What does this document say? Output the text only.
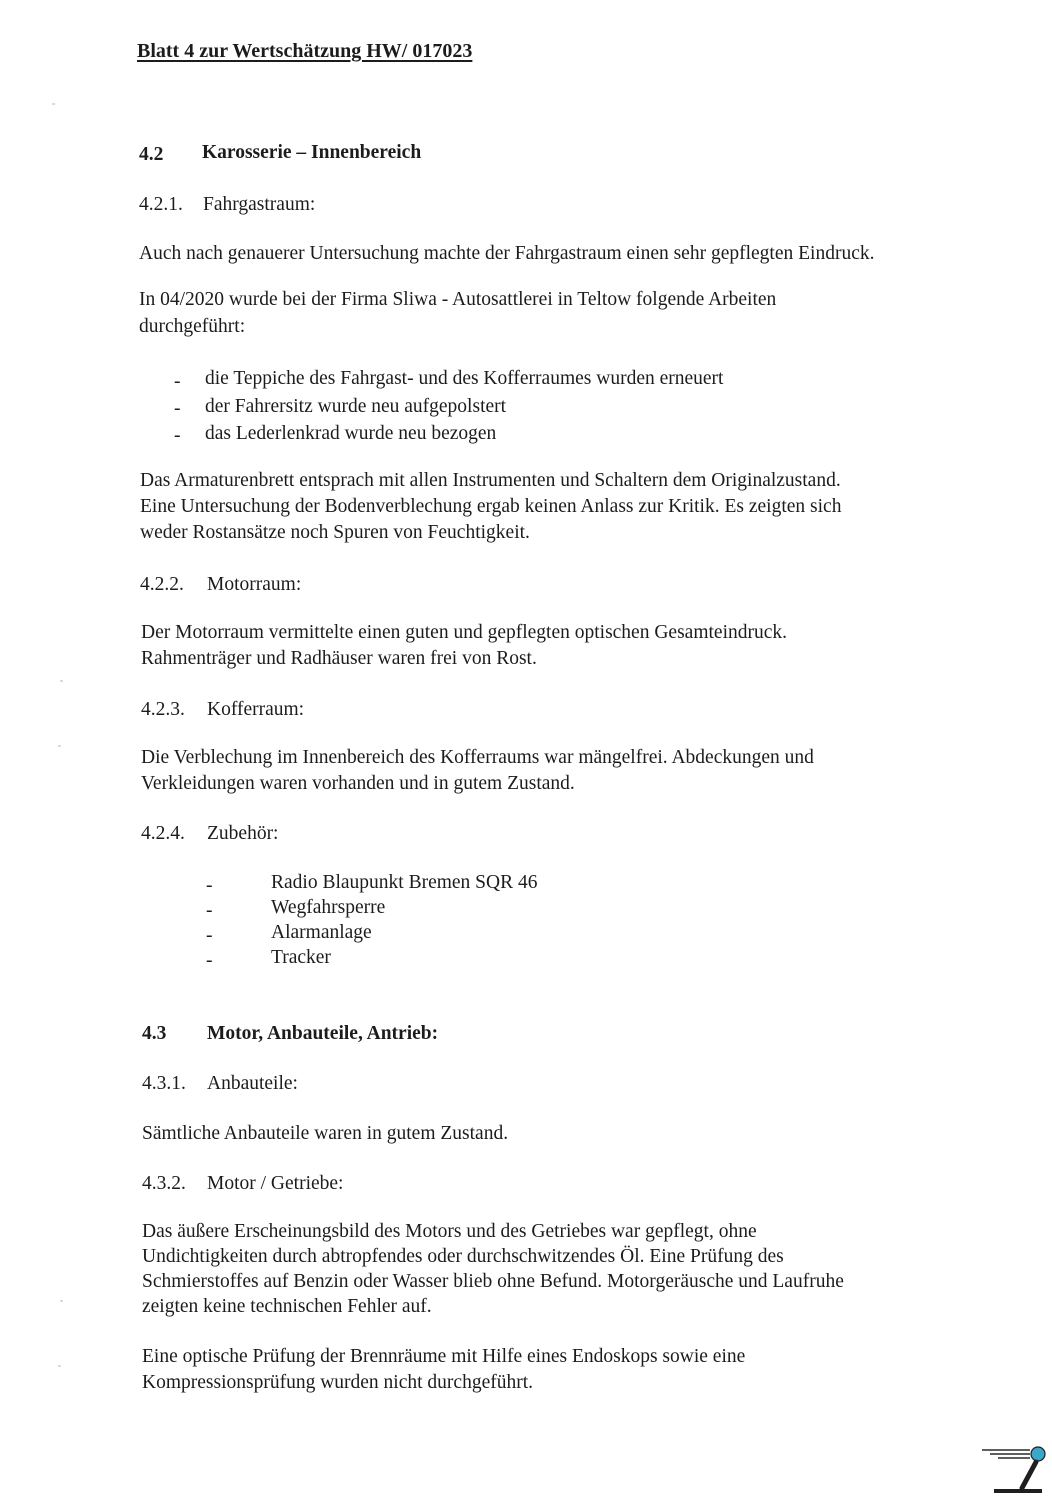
Blatt 4 zur Wertschätzung HW/ 017023
4.2 Karosserie – Innenbereich
4.2.1. Fahrgastraum:
Auch nach genauerer Untersuchung machte der Fahrgastraum einen sehr gepflegten Eindruck.
In 04/2020 wurde bei der Firma Sliwa - Autosattlerei in Teltow folgende Arbeiten
durchgeführt:
- die Teppiche des Fahrgast- und des Kofferraumes wurden erneuert
- der Fahrersitz wurde neu aufgepolstert
- das Lederlenkrad wurde neu bezogen
Das Armaturenbrett entsprach mit allen Instrumenten und Schaltern dem Originalzustand.
Eine Untersuchung der Bodenverblechung ergab keinen Anlass zur Kritik. Es zeigten sich
weder Rostansätze noch Spuren von Feuchtigkeit.
4.2.2. Motorraum:
Der Motorraum vermittelte einen guten und gepflegten optischen Gesamteindruck.
Rahmenträger und Radhäuser waren frei von Rost.
4.2.3. Kofferraum:
Die Verblechung im Innenbereich des Kofferraums war mängelfrei. Abdeckungen und
Verkleidungen waren vorhanden und in gutem Zustand.
4.2.4. Zubehör:
-	Radio Blaupunkt Bremen SQR 46
-	Wegfahrsperre
-	Alarmanlage
-	Tracker
4.3 Motor, Anbauteile, Antrieb:
4.3.1. Anbauteile:
Sämtliche Anbauteile waren in gutem Zustand.
4.3.2. Motor / Getriebe:
Das äußere Erscheinungsbild des Motors und des Getriebes war gepflegt, ohne
Undichtigkeiten durch abtropfendes oder durchschwitzendes Öl. Eine Prüfung des
Schmierstoffes auf Benzin oder Wasser blieb ohne Befund. Motorgeräusche und Laufruhe
zeigten keine technischen Fehler auf.
Eine optische Prüfung der Brennräume mit Hilfe eines Endoskops sowie eine
Kompressionsprüfung wurden nicht durchgeführt.
